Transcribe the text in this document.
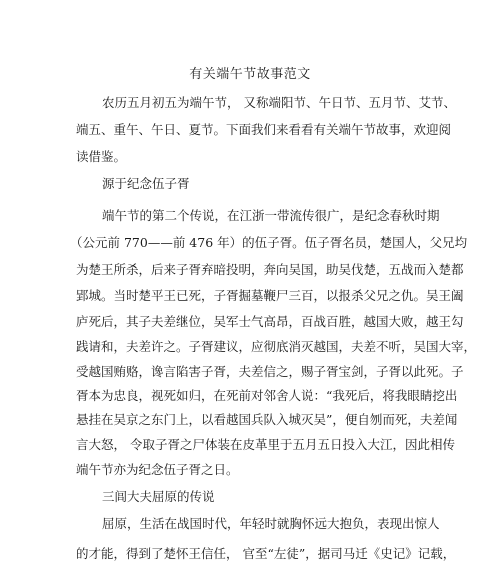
有关端午节故事范文
农历五月初五为端午节， 又称端阳节、午日节、五月节、艾节、
端五、重午、午日、夏节。下面我们来看看有关端午节故事，欢迎阅
读借鉴。
源于纪念伍子胥
端午节的第二个传说，在江浙一带流传很广，是纪念春秋时期
（公元前 770——前 476 年）的伍子胥。伍子胥名员，楚国人，父兄均
为楚王所杀，后来子胥弃暗投明，奔向吴国，助吴伐楚，五战而入楚都
郢城。当时楚平王已死，子胥掘墓鞭尸三百，以报杀父兄之仇。吴王阖
庐死后，其子夫差继位，吴军士气高昂，百战百胜，越国大败，越王勾
践请和，夫差许之。子胥建议，应彻底消灭越国，夫差不听，吴国大宰，
受越国贿赂，谗言陷害子胥，夫差信之，赐子胥宝剑，子胥以此死。子
胥本为忠良，视死如归，在死前对邻舍人说：“我死后，将我眼睛挖出
悬挂在吴京之东门上，以看越国兵队入城灭吴”，便自刎而死，夫差闻
言大怒， 令取子胥之尸体装在皮革里于五月五日投入大江，因此相传
端午节亦为纪念伍子胥之日。
三闾大夫屈原的传说
屈原，生活在战国时代，年轻时就胸怀远大抱负，表现出惊人
的才能，得到了楚怀王信任， 官至“左徒”，据司马迁《史记》记载，
